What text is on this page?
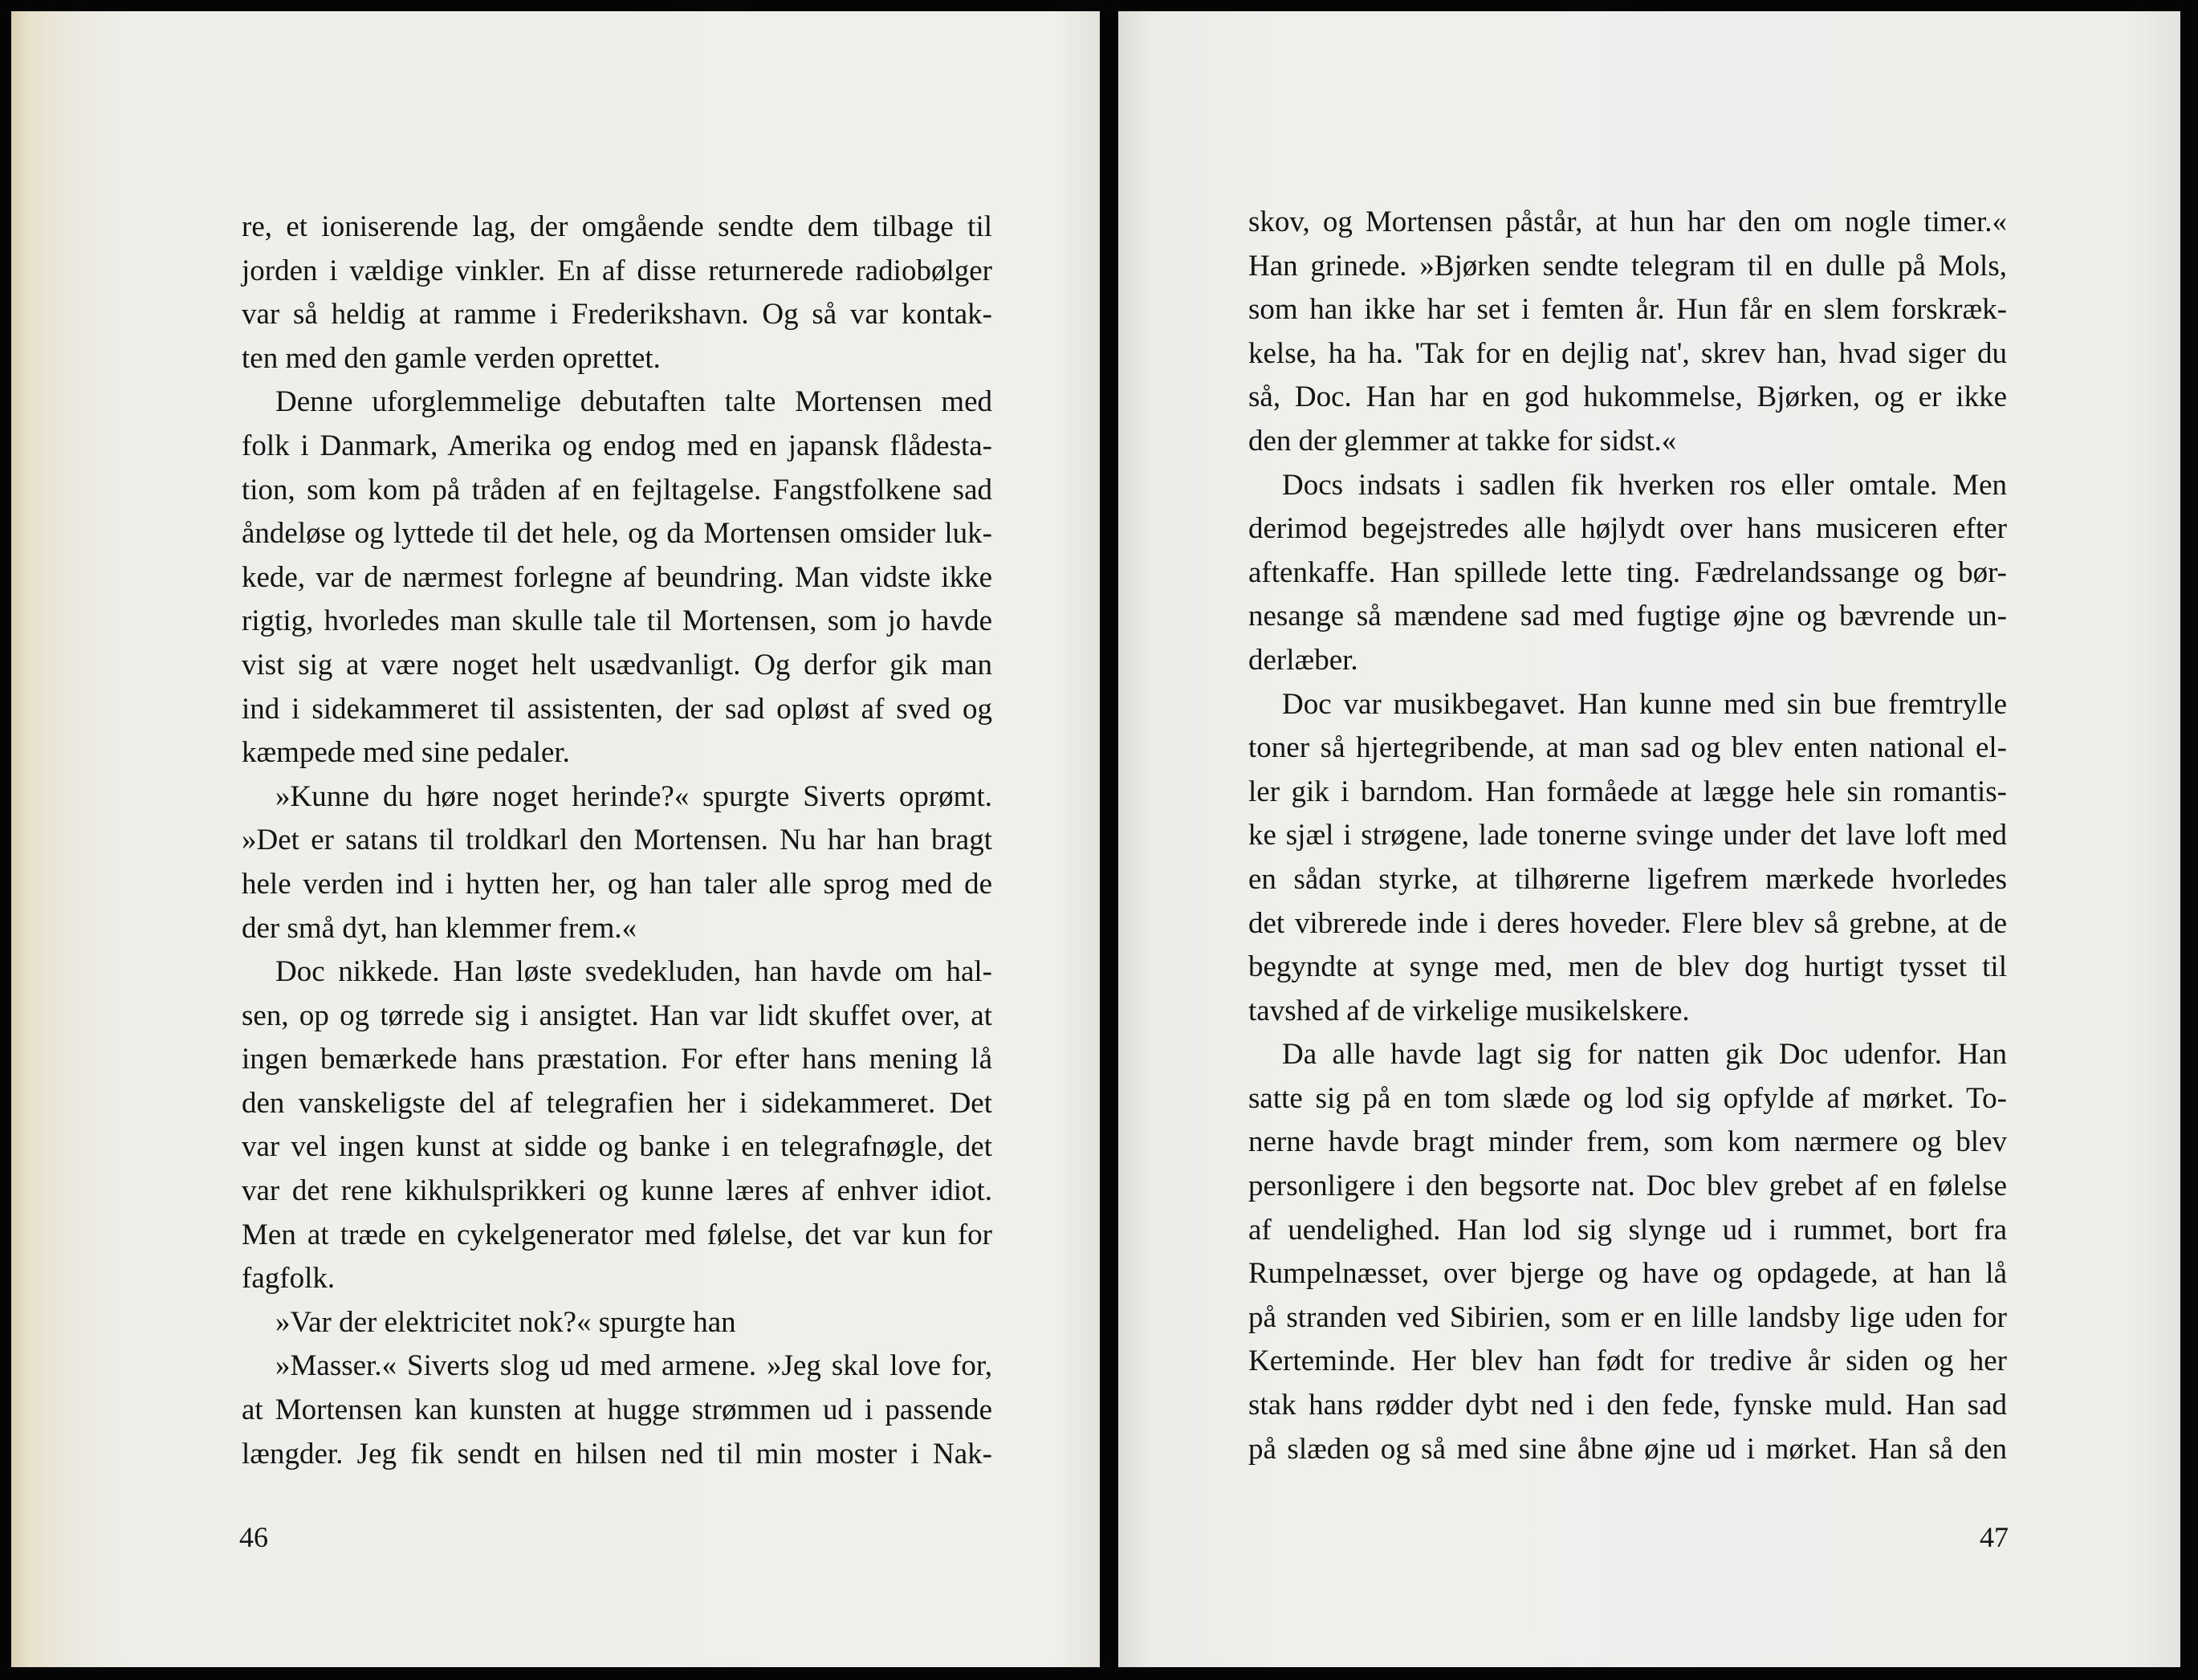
re, et ioniserende lag, der omgående sendte dem tilbage til
jorden i vældige vinkler. En af disse returnerede radiobølger
var så heldig at ramme i Frederikshavn. Og så var kontak-
ten med den gamle verden oprettet.
Denne uforglemmelige debutaften talte Mortensen med
folk i Danmark, Amerika og endog med en japansk flådesta-
tion, som kom på tråden af en fejltagelse. Fangstfolkene sad
åndeløse og lyttede til det hele, og da Mortensen omsider luk-
kede, var de nærmest forlegne af beundring. Man vidste ikke
rigtig, hvorledes man skulle tale til Mortensen, som jo havde
vist sig at være noget helt usædvanligt. Og derfor gik man
ind i sidekammeret til assistenten, der sad opløst af sved og
kæmpede med sine pedaler.
»Kunne du høre noget herinde?« spurgte Siverts oprømt.
»Det er satans til troldkarl den Mortensen. Nu har han bragt
hele verden ind i hytten her, og han taler alle sprog med de
der små dyt, han klemmer frem.«
Doc nikkede. Han løste svedekluden, han havde om hal-
sen, op og tørrede sig i ansigtet. Han var lidt skuffet over, at
ingen bemærkede hans præstation. For efter hans mening lå
den vanskeligste del af telegrafien her i sidekammeret. Det
var vel ingen kunst at sidde og banke i en telegrafnøgle, det
var det rene kikhulsprikkeri og kunne læres af enhver idiot.
Men at træde en cykelgenerator med følelse, det var kun for
fagfolk.
»Var der elektricitet nok?« spurgte han
»Masser.« Siverts slog ud med armene. »Jeg skal love for,
at Mortensen kan kunsten at hugge strømmen ud i passende
længder. Jeg fik sendt en hilsen ned til min moster i Nak-
46
skov, og Mortensen påstår, at hun har den om nogle timer.«
Han grinede. »Bjørken sendte telegram til en dulle på Mols,
som han ikke har set i femten år. Hun får en slem forskræk-
kelse, ha ha. 'Tak for en dejlig nat', skrev han, hvad siger du
så, Doc. Han har en god hukommelse, Bjørken, og er ikke
den der glemmer at takke for sidst.«
Docs indsats i sadlen fik hverken ros eller omtale. Men
derimod begejstredes alle højlydt over hans musiceren efter
aftenkaffe. Han spillede lette ting. Fædrelandssange og bør-
nesange så mændene sad med fugtige øjne og bævrende un-
derlæber.
Doc var musikbegavet. Han kunne med sin bue fremtrylle
toner så hjertegribende, at man sad og blev enten national el-
ler gik i barndom. Han formåede at lægge hele sin romantis-
ke sjæl i strøgene, lade tonerne svinge under det lave loft med
en sådan styrke, at tilhørerne ligefrem mærkede hvorledes
det vibrerede inde i deres hoveder. Flere blev så grebne, at de
begyndte at synge med, men de blev dog hurtigt tysset til
tavshed af de virkelige musikelskere.
Da alle havde lagt sig for natten gik Doc udenfor. Han
satte sig på en tom slæde og lod sig opfylde af mørket. To-
nerne havde bragt minder frem, som kom nærmere og blev
personligere i den begsorte nat. Doc blev grebet af en følelse
af uendelighed. Han lod sig slynge ud i rummet, bort fra
Rumpelnæsset, over bjerge og have og opdagede, at han lå
på stranden ved Sibirien, som er en lille landsby lige uden for
Kerteminde. Her blev han født for tredive år siden og her
stak hans rødder dybt ned i den fede, fynske muld. Han sad
på slæden og så med sine åbne øjne ud i mørket. Han så den
47
